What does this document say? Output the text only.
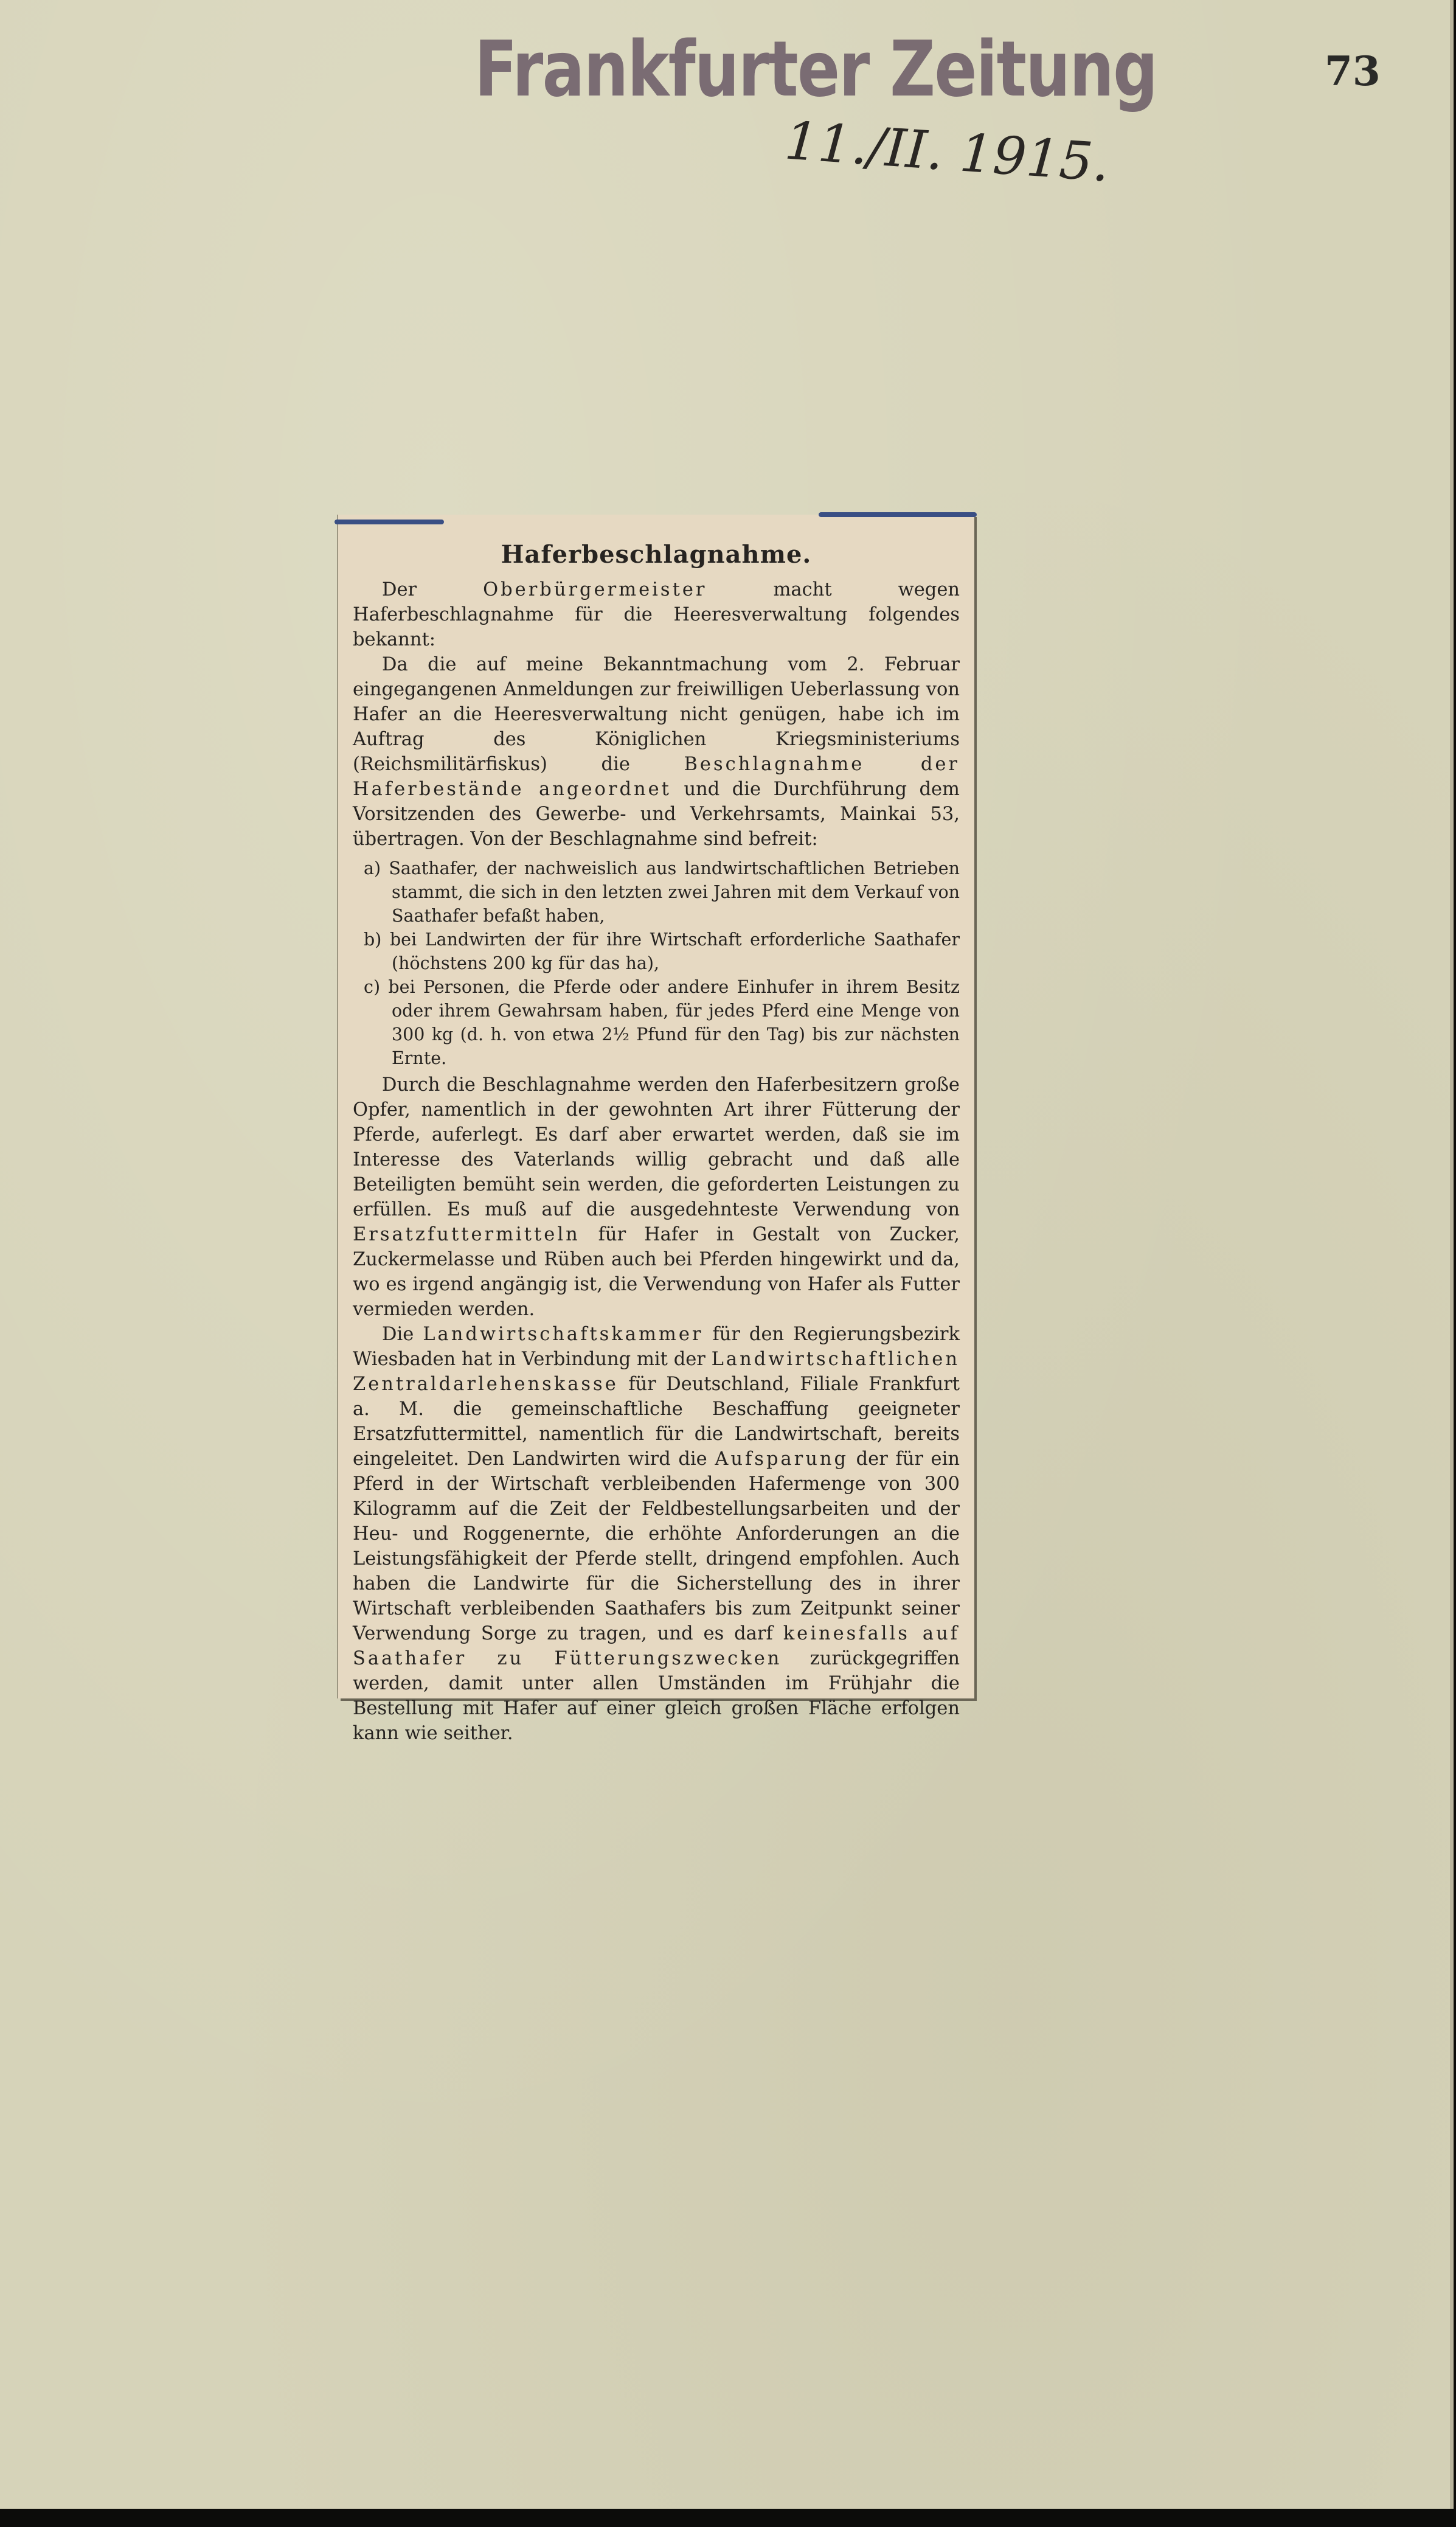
Frankfurter Zeitung
11./II. 1915.
73
Haferbeschlagnahme.

Der	Oberbürgermeister	macht wegen Haferbeschlagnahme für die Heeresverwaltung folgendes bekannt:

Da die auf meine Bekanntmachung vom 2. Februar eingegangenen Anmeldungen zur freiwilligen Ueberlassung von Hafer an die Heeresverwaltung nicht genügen, habe ich im Auftrag des Königlichen Kriegsministeriums (Reichsmilitärfiskus) die	Beschlagnahme der Haferbestände angeordnet und die Durchführung dem Vorsitzenden des Gewerbe- und Verkehrsamts, Mainkai 53, übertragen. Von der Beschlagnahme sind befreit:

a) Saathafer, der nachweislich aus landwirtschaftlichen Betrieben stammt, die sich in den letzten zwei Jahren mit dem Verkauf von Saathafer befaßt haben,

b) bei Landwirten der für ihre Wirtschaft erforderliche Saathafer (höchstens 200 kg für das ha),

c) bei Personen, die Pferde oder andere Einhufer in ihrem Besitz oder ihrem Gewahrsam haben, für jedes Pferd eine Menge von 300 kg (d. h. von etwa 2½ Pfund für den Tag) bis zur nächsten Ernte.

Durch die Beschlagnahme werden den Haferbesitzern große Opfer, namentlich in der gewohnten Art ihrer Fütterung der Pferde, auferlegt. Es darf aber erwartet werden, daß sie im Interesse des Vaterlands willig gebracht und daß alle Beteiligten bemüht sein werden, die geforderten Leistungen zu erfüllen. Es muß auf die ausgedehnteste Verwendung von Ersatzfuttermitteln für Hafer in Gestalt von Zucker, Zuckermelasse und Rüben auch bei Pferden hingewirkt und da, wo es irgend angängig ist, die Verwendung von Hafer als Futter vermieden werden.

Die Landwirtschaftskammer für den Regierungsbezirk Wiesbaden hat in Verbindung mit der Landwirtschaftlichen Zentraldarlehenskasse für Deutschland, Filiale Frankfurt a. M. die gemeinschaftliche Beschaffung geeigneter Ersatzfuttermittel, namentlich für die Landwirtschaft, bereits eingeleitet. Den Landwirten wird die Aufsparung der für ein Pferd in der Wirtschaft verbleibenden Hafermenge von 300 Kilogramm auf die Zeit der Feldbestellungsarbeiten und der Heu- und Roggenernte, die erhöhte Anforderungen an die Leistungsfähigkeit der Pferde stellt, dringend empfohlen. Auch haben die Landwirte für die Sicherstellung des in ihrer Wirtschaft verbleibenden Saathafers bis zum Zeitpunkt seiner Verwendung Sorge zu tragen, und es darf keinesfalls auf Saathafer zu Fütterungszwecken zurückgegriffen werden, damit unter allen Umständen im Frühjahr die Bestellung mit Hafer auf einer gleich großen Fläche erfolgen kann wie seither.
